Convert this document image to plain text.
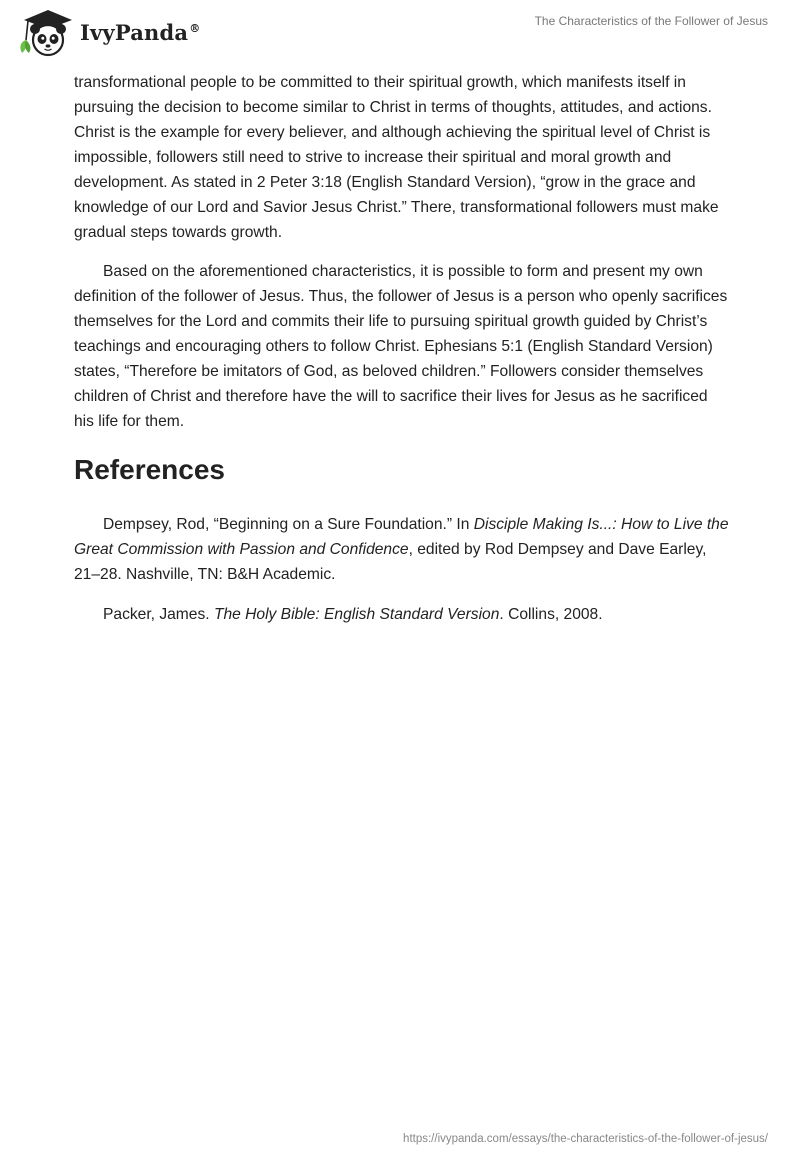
IvyPanda®	The Characteristics of the Follower of Jesus

transformational people to be committed to their spiritual growth, which manifests itself in pursuing the decision to become similar to Christ in terms of thoughts, attitudes, and actions. Christ is the example for every believer, and although achieving the spiritual level of Christ is impossible, followers still need to strive to increase their spiritual and moral growth and development. As stated in 2 Peter 3:18 (English Standard Version), “grow in the grace and knowledge of our Lord and Savior Jesus Christ.” There, transformational followers must make gradual steps towards growth.

Based on the aforementioned characteristics, it is possible to form and present my own definition of the follower of Jesus. Thus, the follower of Jesus is a person who openly sacrifices themselves for the Lord and commits their life to pursuing spiritual growth guided by Christ’s teachings and encouraging others to follow Christ. Ephesians 5:1 (English Standard Version) states, “Therefore be imitators of God, as beloved children.” Followers consider themselves children of Christ and therefore have the will to sacrifice their lives for Jesus as he sacrificed his life for them.

References

Dempsey, Rod, “Beginning on a Sure Foundation.” In Disciple Making Is...: How to Live the Great Commission with Passion and Confidence, edited by Rod Dempsey and Dave Earley, 21–28. Nashville, TN: B&H Academic.

Packer, James. The Holy Bible: English Standard Version. Collins, 2008.

https://ivypanda.com/essays/the-characteristics-of-the-follower-of-jesus/
